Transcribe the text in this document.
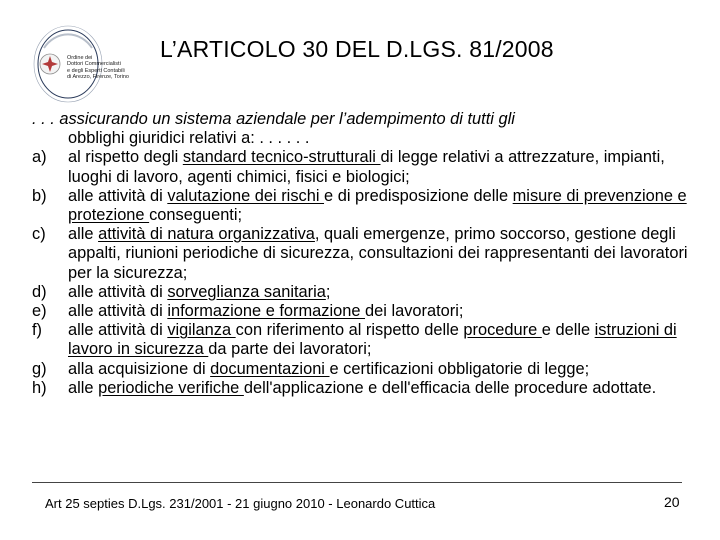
Ordine dei
Dottori Commercialisti
e degli Esperti Contabili
di Arezzo, Firenze, Torino
L’ARTICOLO 30 DEL D.LGS. 81/2008
. . . assicurando un sistema aziendale per l’adempimento di tutti gli
obblighi giuridici relativi a: . . . . . .
a)	al rispetto degli standard tecnico-strutturali di legge relativi a attrezzature, impianti, luoghi di lavoro, agenti chimici, fisici e biologici;
b)	alle attività di valutazione dei rischi e di predisposizione delle misure di prevenzione e protezione conseguenti;
c)	alle attività di natura organizzativa, quali emergenze, primo soccorso, gestione degli appalti, riunioni periodiche di sicurezza, consultazioni dei rappresentanti dei lavoratori per la sicurezza;
d)	alle attività di sorveglianza sanitaria;
e)	alle attività di informazione e formazione dei lavoratori;
f)	alle attività di vigilanza con riferimento al rispetto delle procedure e delle istruzioni di lavoro in sicurezza da parte dei lavoratori;
g)	alla acquisizione di documentazioni e certificazioni obbligatorie di legge;
h)	alle periodiche verifiche dell'applicazione e dell'efficacia delle procedure adottate.
Art 25 septies D.Lgs. 231/2001 - 21 giugno 2010 - Leonardo Cuttica	20
